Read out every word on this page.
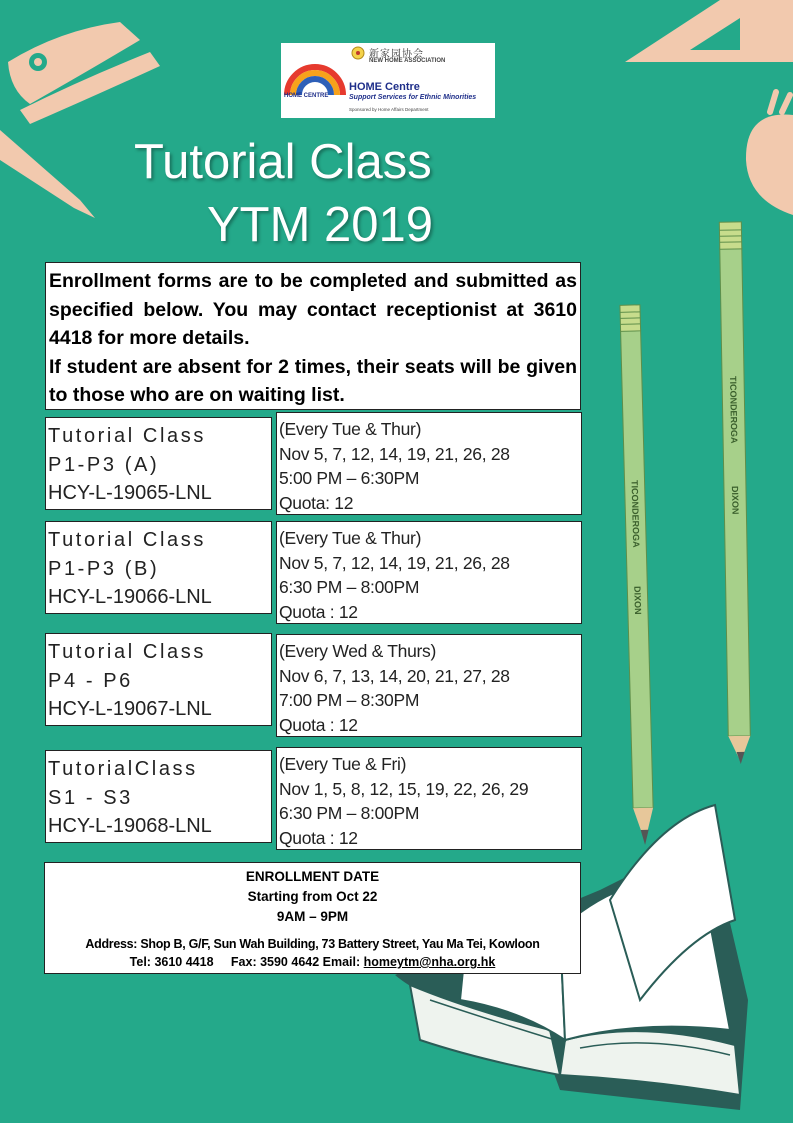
TICONDEROGA
DIXON
TICONDEROGA
DIXON
新家园协会
NEW HOME ASSOCIATION
HOME CENTRE
HOME Centre
Support Services for Ethnic Minorities
Sponsored by Home Affairs Department
Tutorial Class
YTM 2019

Enrollment forms are to be completed and submitted as specified below. You may contact receptionist at 3610 4418 for more details.

If student are absent for 2 times, their seats will be given to those who are on waiting list.

Tutorial Class
P1-P3 (A)
HCY-L-19065-LNL
(Every Tue & Thur)
Nov 5, 7, 12, 14, 19, 21, 26, 28
5:00 PM – 6:30PM
Quota: 12
Tutorial Class
P1-P3 (B)
HCY-L-19066-LNL
(Every Tue & Thur)
Nov 5, 7, 12, 14, 19, 21, 26, 28
6:30 PM – 8:00PM
Quota : 12
Tutorial Class
P4 - P6
HCY-L-19067-LNL
(Every Wed & Thurs)
Nov 6, 7, 13, 14, 20, 21, 27, 28
7:00 PM – 8:30PM
Quota : 12
TutorialClass
S1 - S3
HCY-L-19068-LNL
(Every Tue & Fri)
Nov 1, 5, 8, 12, 15, 19, 22, 26, 29
6:30 PM – 8:00PM
Quota : 12
ENROLLMENT DATE
Starting from Oct 22
9AM – 9PM
Address: Shop B, G/F, Sun Wah Building, 73 Battery Street, Yau Ma Tei, Kowloon
Tel: 3610 4418 Fax: 3590 4642 Email: homeytm@nha.org.hk
